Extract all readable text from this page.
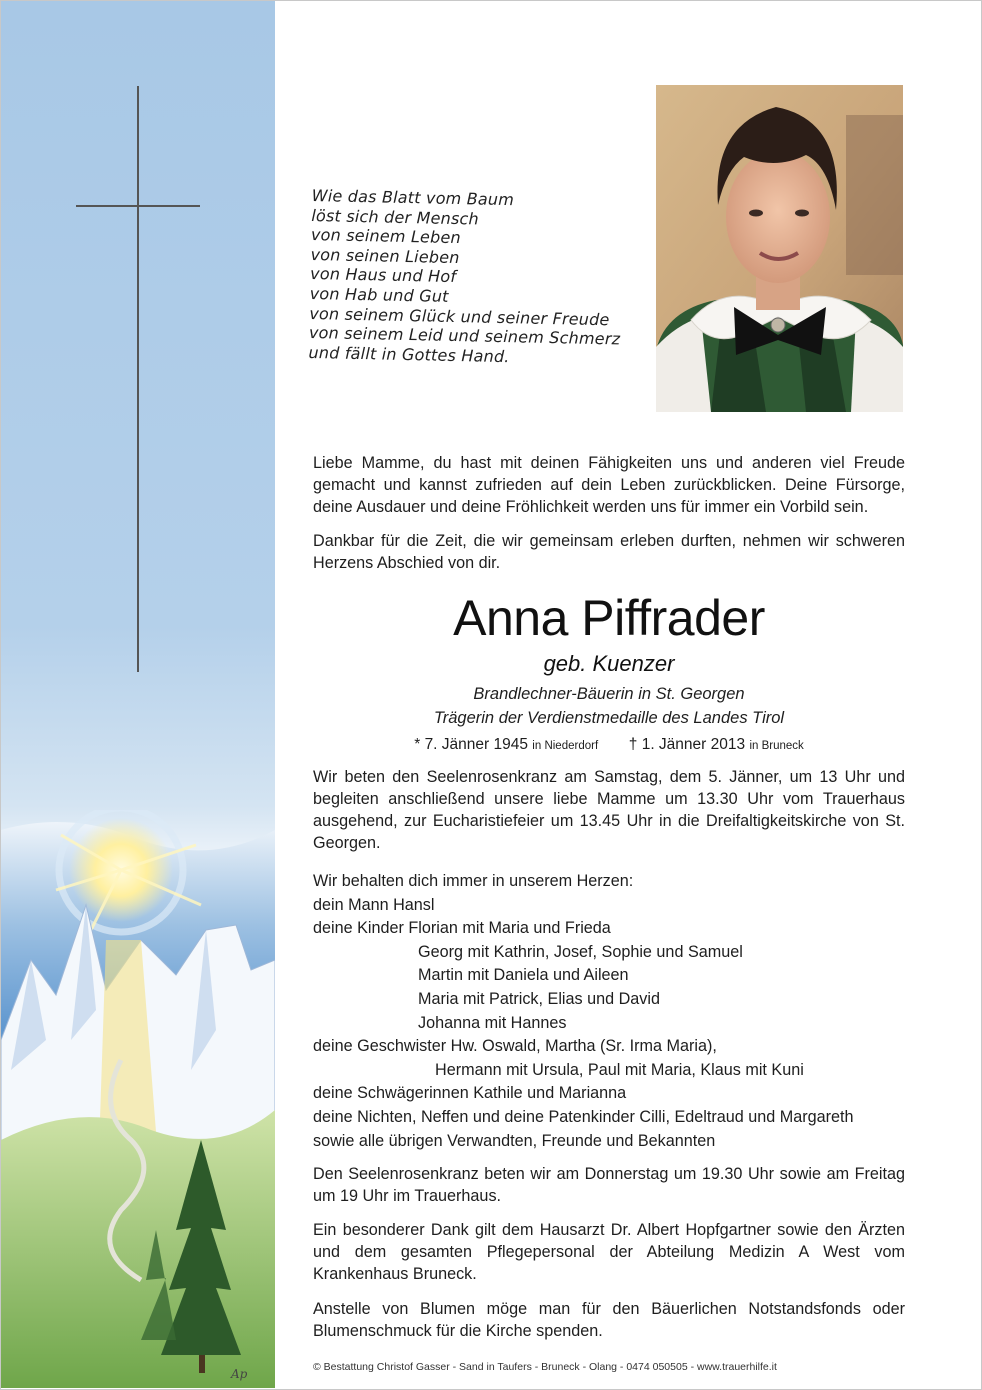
Ap
Wie das Blatt vom Baum
löst sich der Mensch
von seinem Leben
von seinen Lieben
von Haus und Hof
von Hab und Gut
von seinem Glück und seiner Freude
von seinem Leid und seinem Schmerz
und fällt in Gottes Hand.

Liebe Mamme, du hast mit deinen Fähigkeiten uns und anderen viel Freude gemacht und kannst zufrieden auf dein Leben zurückblicken. Deine Fürsorge, deine Ausdauer und deine Fröhlichkeit werden uns für immer ein Vorbild sein.

Dankbar für die Zeit, die wir gemeinsam erleben durften, nehmen wir schweren Herzens Abschied von dir.

Anna Piffrader
geb. Kuenzer
Brandlechner-Bäuerin in St. Georgen
Trägerin der Verdienstmedaille des Landes Tirol
* 7. Jänner 1945 in Niederdorf † 1. Jänner 2013 in Bruneck

Wir beten den Seelenrosenkranz am Samstag, dem 5. Jänner, um 13 Uhr und begleiten anschließend unsere liebe Mamme um 13.30 Uhr vom Trauerhaus ausgehend, zur Eucharistiefeier um 13.45 Uhr in die Dreifaltigkeitskirche von St. Georgen.

Wir behalten dich immer in unserem Herzen:
dein Mann Hansl
deine Kinder Florian mit Maria und Frieda
Georg mit Kathrin, Josef, Sophie und Samuel
Martin mit Daniela und Aileen
Maria mit Patrick, Elias und David
Johanna mit Hannes
deine Geschwister Hw. Oswald, Martha (Sr. Irma Maria),
Hermann mit Ursula, Paul mit Maria, Klaus mit Kuni
deine Schwägerinnen Kathile und Marianna
deine Nichten, Neffen und deine Patenkinder Cilli, Edeltraud und Margareth
sowie alle übrigen Verwandten, Freunde und Bekannten

Den Seelenrosenkranz beten wir am Donnerstag um 19.30 Uhr sowie am Freitag um 19 Uhr im Trauerhaus.

Ein besonderer Dank gilt dem Hausarzt Dr. Albert Hopfgartner sowie den Ärzten und dem gesamten Pflegepersonal der Abteilung Medizin A West vom Krankenhaus Bruneck.

Anstelle von Blumen möge man für den Bäuerlichen Notstandsfonds oder Blumenschmuck für die Kirche spenden.

© Bestattung Christof Gasser - Sand in Taufers - Bruneck - Olang - 0474 050505 - www.trauerhilfe.it
